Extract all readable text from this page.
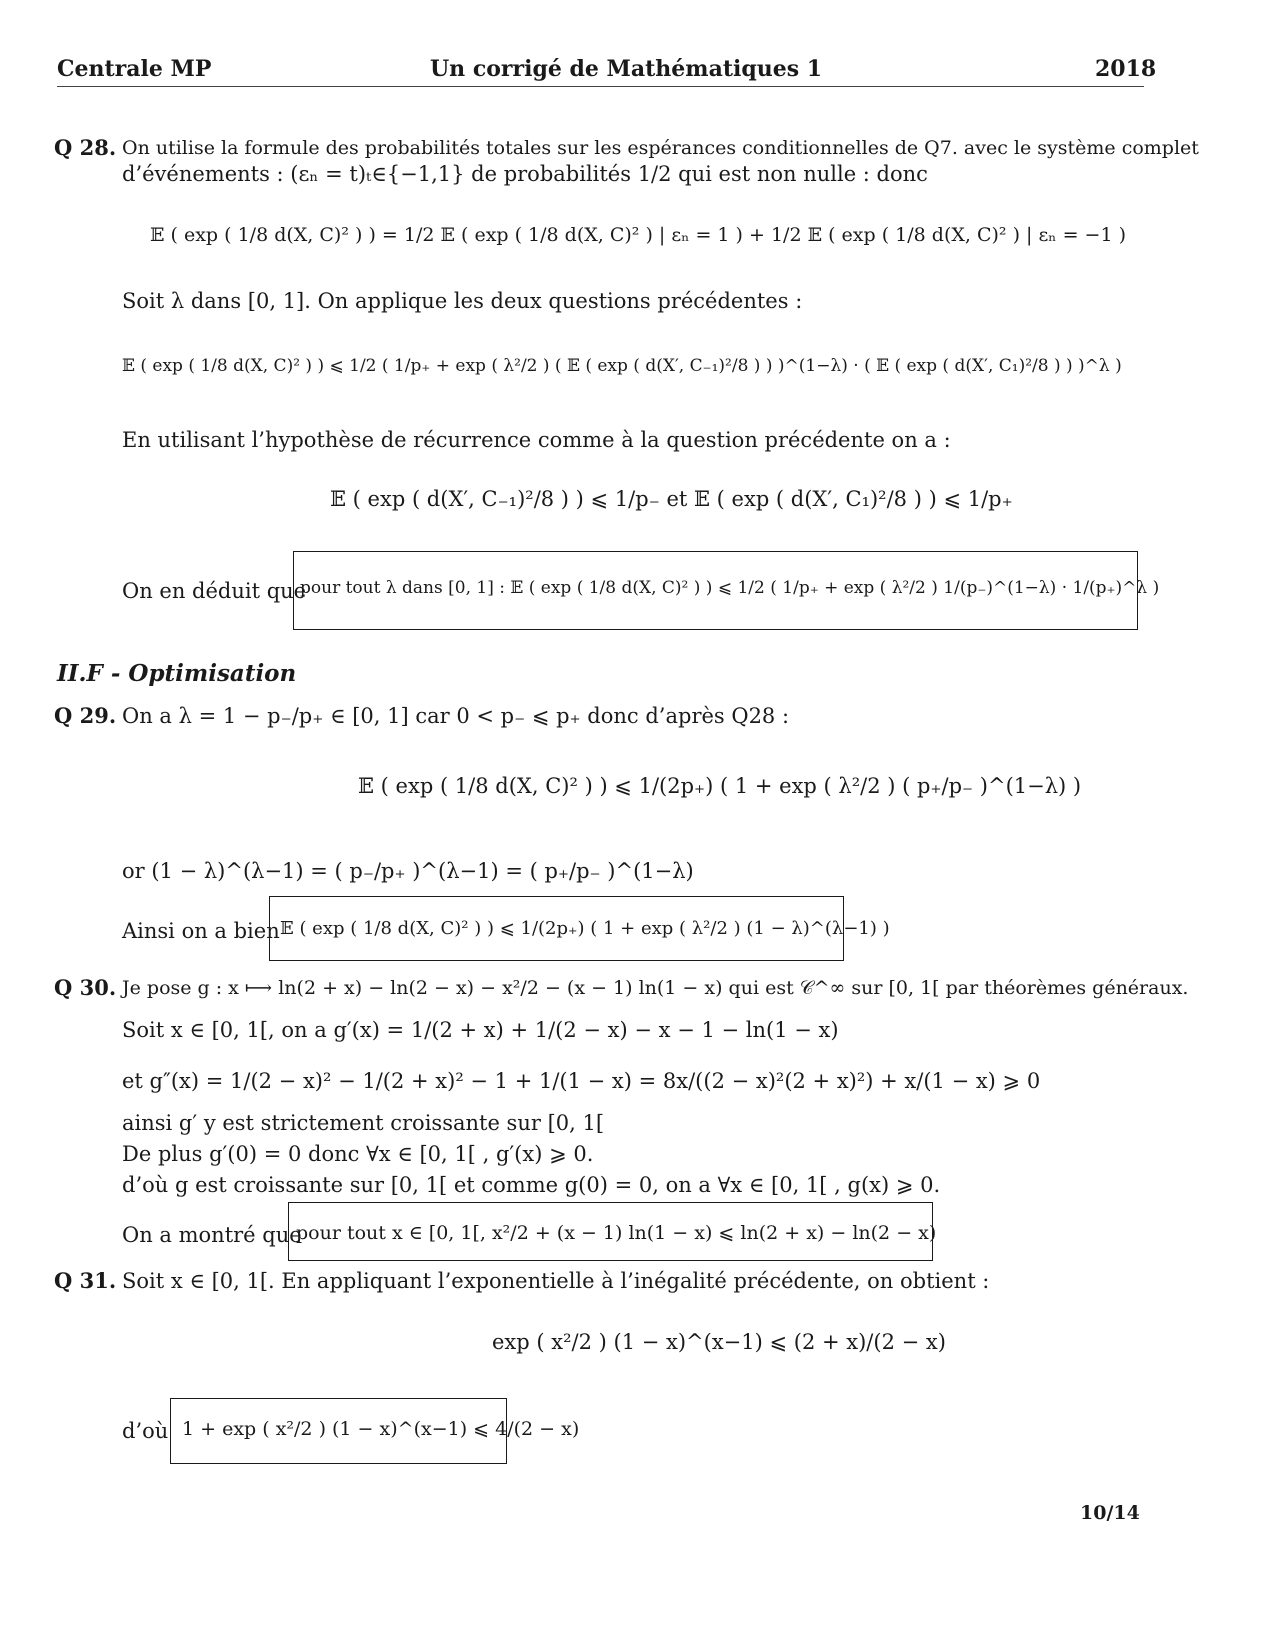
Centrale MP	Un corrigé de Mathématiques 1	2018
Q 28. On utilise la formule des probabilités totales sur les espérances conditionnelles de Q7. avec le système complet
d’événements : (εₙ = t)ₜ∈{−1,1} de probabilités 1/2 qui est non nulle : donc
𝔼 ( exp ( 1/8 d(X, C)² ) ) = 1/2 𝔼 ( exp ( 1/8 d(X, C)² ) | εₙ = 1 ) + 1/2 𝔼 ( exp ( 1/8 d(X, C)² ) | εₙ = −1 )
Soit λ dans [0, 1]. On applique les deux questions précédentes :
𝔼 ( exp ( 1/8 d(X, C)² ) ) ⩽ 1/2 ( 1/p₊ + exp ( λ²/2 ) ( 𝔼 ( exp ( d(X′, C₋₁)²/8 ) ) )^(1−λ) · ( 𝔼 ( exp ( d(X′, C₁)²/8 ) ) )^λ )
En utilisant l’hypothèse de récurrence comme à la question précédente on a :
𝔼 ( exp ( d(X′, C₋₁)²/8 ) ) ⩽ 1/p₋ et 𝔼 ( exp ( d(X′, C₁)²/8 ) ) ⩽ 1/p₊
On en déduit que
pour tout λ dans [0, 1] : 𝔼 ( exp ( 1/8 d(X, C)² ) ) ⩽ 1/2 ( 1/p₊ + exp ( λ²/2 ) 1/(p₋)^(1−λ) · 1/(p₊)^λ )
II.F - Optimisation
Q 29. On a λ = 1 − p₋/p₊ ∈ [0, 1] car 0 < p₋ ⩽ p₊ donc d’après Q28 :
𝔼 ( exp ( 1/8 d(X, C)² ) ) ⩽ 1/(2p₊) ( 1 + exp ( λ²/2 ) ( p₊/p₋ )^(1−λ) )
or (1 − λ)^(λ−1) = ( p₋/p₊ )^(λ−1) = ( p₊/p₋ )^(1−λ)
Ainsi on a bien 𝔼 ( exp ( 1/8 d(X, C)² ) ) ⩽ 1/(2p₊) ( 1 + exp ( λ²/2 ) (1 − λ)^(λ−1) )
Q 30. Je pose g : x ⟼ ln(2 + x) − ln(2 − x) − x²/2 − (x − 1) ln(1 − x) qui est 𝒞^∞ sur [0, 1[ par théorèmes généraux.
Soit x ∈ [0, 1[, on a g′(x) = 1/(2 + x) + 1/(2 − x) − x − 1 − ln(1 − x)
et g″(x) = 1/(2 − x)² − 1/(2 + x)² − 1 + 1/(1 − x) = 8x/((2 − x)²(2 + x)²) + x/(1 − x) ⩾ 0
ainsi g′ y est strictement croissante sur [0, 1[
De plus g′(0) = 0 donc ∀x ∈ [0, 1[ , g′(x) ⩾ 0.
d’où g est croissante sur [0, 1[ et comme g(0) = 0, on a ∀x ∈ [0, 1[ , g(x) ⩾ 0.
On a montré que
pour tout x ∈ [0, 1[, x²/2 + (x − 1) ln(1 − x) ⩽ ln(2 + x) − ln(2 − x)
Q 31. Soit x ∈ [0, 1[. En appliquant l’exponentielle à l’inégalité précédente, on obtient :
exp ( x²/2 ) (1 − x)^(x−1) ⩽ (2 + x)/(2 − x)
d’où 1 + exp ( x²/2 ) (1 − x)^(x−1) ⩽ 4/(2 − x)
10/14
